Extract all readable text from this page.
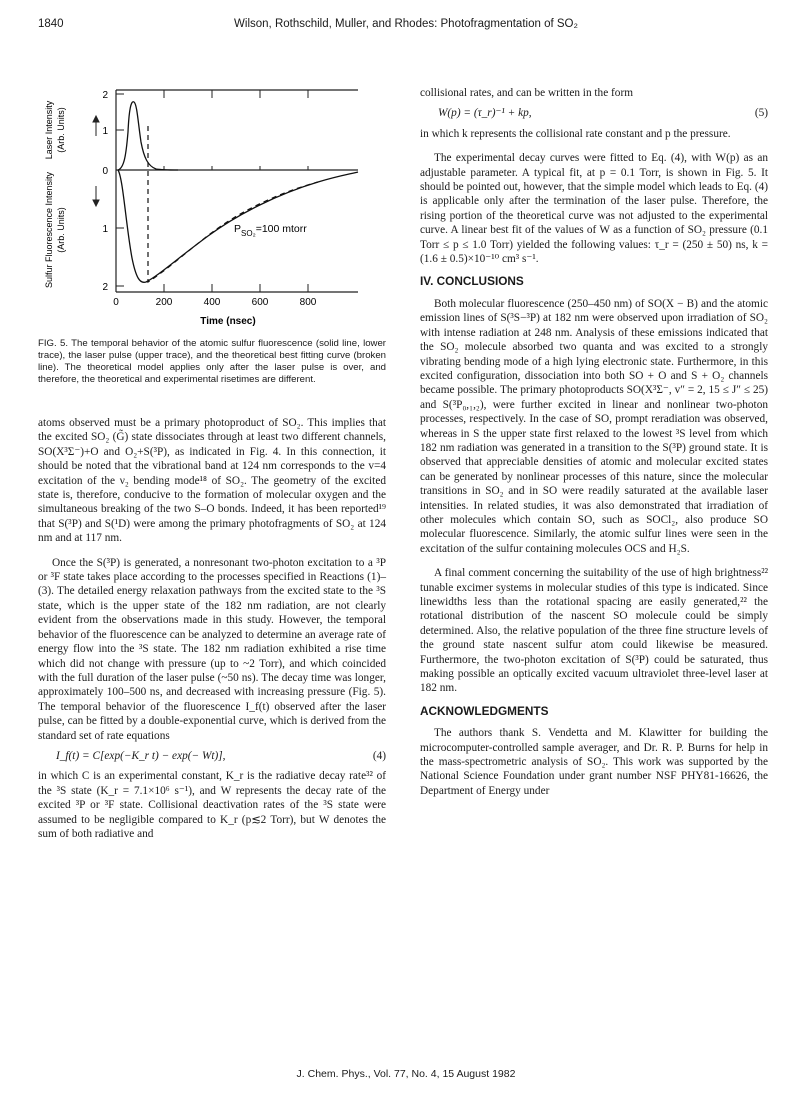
1840	Wilson, Rothschild, Muller, and Rhodes: Photofragmentation of SO₂
2
1
0
1
2
0	200	400	600	800
Time (nsec)
Laser Intensity (Arb. Units)
Sulfur Fluorescence Intensity (Arb. Units)	$P_{SO_2}=100$ mtorr

FIG. 5. The temporal behavior of the atomic sulfur fluorescence (solid line, lower trace), the laser pulse (upper trace), and the theoretical best fitting curve (broken line). The theoretical model applies only after the laser pulse is over, and therefore, the theoretical and experimental risetimes are different.

atoms observed must be a primary photoproduct of SO₂. This implies that the excited SO₂ (G̃) state dissociates through at least two different channels, SO(X³Σ⁻)+O and O₂+S(³P), as indicated in Fig. 4. In this connection, it should be noted that the vibrational band at 124 nm corresponds to the v=4 excitation of the ν₂ bending mode¹⁸ of SO₂. The geometry of the excited state is, therefore, conducive to the formation of molecular oxygen and the simultaneous breaking of the two S–O bonds. Indeed, it has been reported¹⁹ that S(³P) and S(¹D) were among the primary photofragments of SO₂ at 124 nm and at 117 nm.

Once the S(³P) is generated, a nonresonant two-photon excitation to a ³P or ³F state takes place according to the processes specified in Reactions (1)–(3). The detailed energy relaxation pathways from the excited state to the ³S state, which is the upper state of the 182 nm radiation, are not clearly evident from the observations made in this study. However, the temporal behavior of the fluorescence can be analyzed to determine an average rate of energy flow into the ³S state. The 182 nm radiation exhibited a rise time which did not change with pressure (up to ~2 Torr), and which coincided with the full duration of the laser pulse (~50 ns). The decay time was longer, approximately 100–500 ns, and decreased with increasing pressure (Fig. 5). The temporal behavior of the fluorescence I_f(t) observed after the laser pulse, can be fitted by a double-exponential curve, which is derived from the standard set of rate equations

I_f(t) = C[exp(−K_r t) − exp(− Wt)],	(4)

in which C is an experimental constant, K_r is the radiative decay rate³² of the ³S state (K_r = 7.1×10⁶ s⁻¹), and W represents the decay rate of the excited ³P or ³F state. Collisional deactivation rates of the ³S state were assumed to be negligible compared to K_r (p≲2 Torr), but W denotes the sum of both radiative and

collisional rates, and can be written in the form

W(p) = (τ_r)⁻¹ + kp,	(5)

in which k represents the collisional rate constant and p the pressure.

The experimental decay curves were fitted to Eq. (4), with W(p) as an adjustable parameter. A typical fit, at p = 0.1 Torr, is shown in Fig. 5. It should be pointed out, however, that the simple model which leads to Eq. (4) is applicable only after the termination of the laser pulse. Therefore, the rising portion of the theoretical curve was not adjusted to the experimental curve. A linear best fit of the values of W as a function of SO₂ pressure (0.1 Torr ≤ p ≤ 1.0 Torr) yielded the following values: τ_r = (250 ± 50) ns, k = (1.6 ± 0.5)×10⁻¹⁰ cm³ s⁻¹.

IV. CONCLUSIONS

Both molecular fluorescence (250–450 nm) of SO(X − B) and the atomic emission lines of S(³S−³P) at 182 nm were observed upon irradiation of SO₂ with intense radiation at 248 nm. Analysis of these emissions indicated that the SO₂ molecule absorbed two quanta and was excited to a strongly vibrating bending mode of a high lying electronic state. Furthermore, in this excited configuration, dissociation into both SO + O and S + O₂ channels became possible. The primary photoproducts SO(X³Σ⁻, v″ = 2, 15 ≤ J″ ≤ 25) and S(³P₀,₁,₂), were further excited in linear and nonlinear two-photon processes, respectively. In the case of SO, prompt reradiation was observed, whereas in S the upper state first relaxed to the lowest ³S level from which 182 nm radiation was generated in a transition to the S(³P) ground state. It is observed that appreciable densities of atomic and molecular excited states can be generated by nonlinear processes of this nature, since the molecular transitions in SO₂ and in SO were readily saturated at the available laser intensities. In related studies, it was also demonstrated that irradiation of other molecules which contain SO, such as SOCl₂, also produce SO molecular fluorescence. Similarly, the atomic sulfur lines were seen in the excitation of the sulfur containing molecules OCS and H₂S.

A final comment concerning the suitability of the use of high brightness²² tunable excimer systems in molecular studies of this type is indicated. Since linewidths less than the rotational spacing are easily generated,²² the rotational distribution of the nascent SO molecule could be simply determined. Also, the relative population of the three fine structure levels of the ground state nascent sulfur atom could likewise be measured. Furthermore, the two-photon excitation of S(³P) could be saturated, thus making possible an optically excited vacuum ultraviolet three-level laser at 182 nm.

ACKNOWLEDGMENTS

The authors thank S. Vendetta and M. Klawitter for building the microcomputer-controlled sample averager, and Dr. R. P. Burns for help in the mass-spectrometric analysis of SO₂. This work was supported by the National Science Foundation under grant number NSF PHY81-16626, the Department of Energy under

J. Chem. Phys., Vol. 77, No. 4, 15 August 1982
